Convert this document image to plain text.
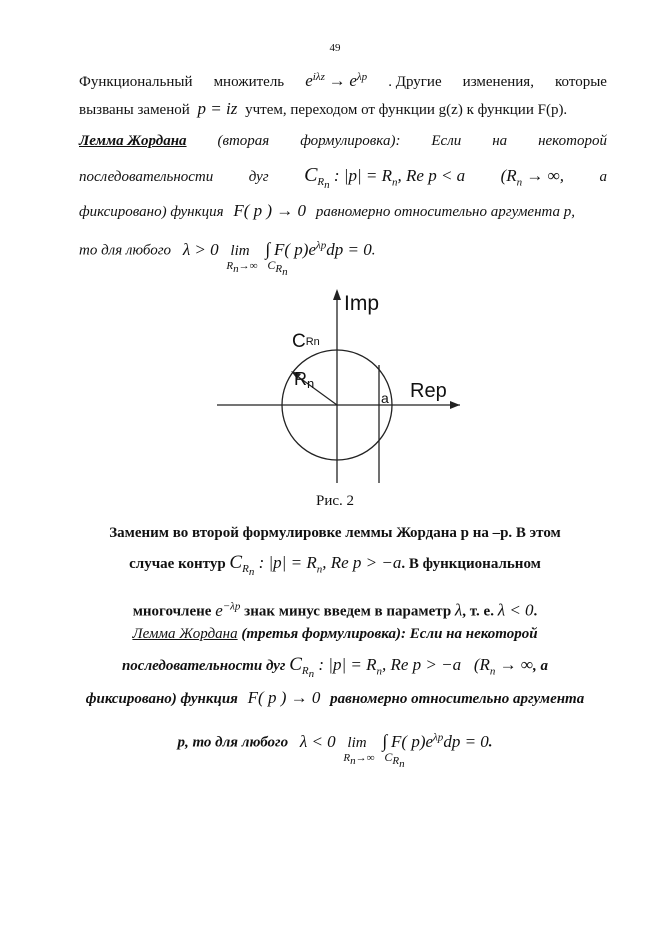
49
Функциональный множитель $e^{i\lambda z} \to e^{\lambda p}$ . Другие изменения, которые
вызваны заменой p = iz учтем, переходом от функции g(z) к функции F(p).
Лемма Жордана (вторая формулировка): Если на некоторой
последовательности дуг $C_{R_n}$ : $|p| = R_n$, Re p < a ($R_n$ → ∞, a
фиксировано) функция F( p ) → 0 равномерно относительно аргумента p,
то для любого λ > 0 lim
$R_n\to\infty$
∫
$C_{R_n}$
F( $p)e^{\lambda p}dp = 0$.
Imp
Rep
CRn
Rn
a
Рис. 2
Заменим во второй формулировке леммы Жордана p на –p. В этом
случае контур $C_{R_n}$ : $|p| = R_n$, Re p > −a. В функциональном
многочлене $e^{-\lambda p}$ знак минус введем в параметр λ, т. е. λ < 0.
Лемма Жордана (третья формулировка): Если на некоторой
последовательности дуг $C_{R_n}$ : $|p| = R_n$, Re p > −a ($R_n$ → ∞, a
фиксировано) функция F( p ) → 0 равномерно относительно аргумента
p, то для любого λ < 0 lim
$R_n\to\infty$
∫
$C_{R_n}$
F( $p)e^{\lambda p}dp = 0$.
